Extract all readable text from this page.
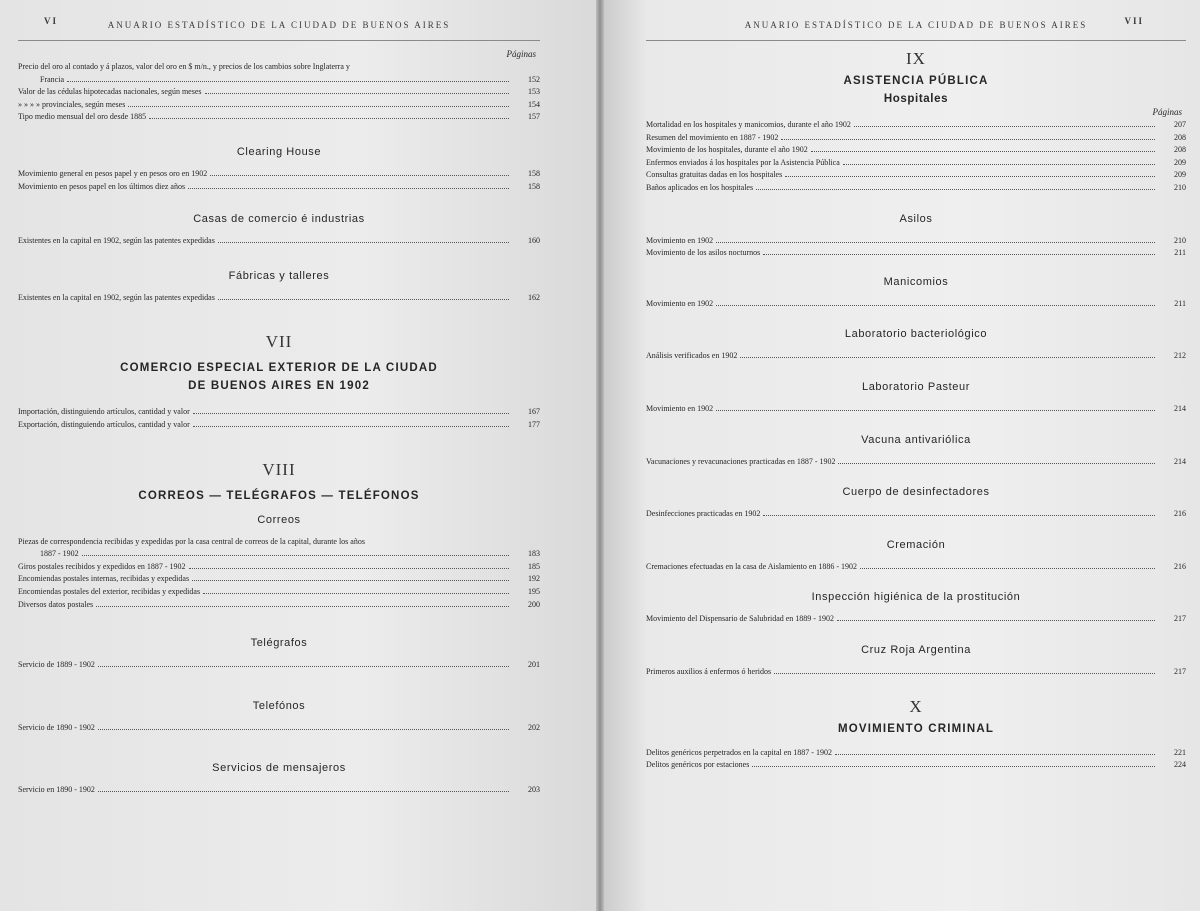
VI	ANUARIO ESTADÍSTICO DE LA CIUDAD DE BUENOS AIRES
Páginas
Precio del oro al contado y á plazos, valor del oro en $ m/n., y precios de los cambios sobre Inglaterra y
Francia	152
Valor de las cédulas hipotecadas nacionales, según meses	153
» » » » provinciales, según meses	154
Tipo medio mensual del oro desde 1885	157
Clearing House
Movimiento general en pesos papel y en pesos oro en 1902	158
Movimiento en pesos papel en los últimos diez años	158
Casas de comercio é industrias
Existentes en la capital en 1902, según las patentes expedidas	160
Fábricas y talleres
Existentes en la capital en 1902, según las patentes expedidas	162
VII
COMERCIO ESPECIAL EXTERIOR DE LA CIUDAD
DE BUENOS AIRES EN 1902
Importación, distinguiendo artículos, cantidad y valor	167
Exportación, distinguiendo artículos, cantidad y valor	177
VIII
CORREOS — TELÉGRAFOS — TELÉFONOS
Correos
Piezas de correspondencia recibidas y expedidas por la casa central de correos de la capital, durante los años
1887 - 1902	183
Giros postales recibidos y expedidos en 1887 - 1902	185
Encomiendas postales internas, recibidas y expedidas	192
Encomiendas postales del exterior, recibidas y expedidas	195
Diversos datos postales	200
Telégrafos
Servicio de 1889 - 1902	201
Telefónos
Servicio de 1890 - 1902	202
Servicios de mensajeros
Servicio en 1890 - 1902	203
ANUARIO ESTADÍSTICO DE LA CIUDAD DE BUENOS AIRES	VII
IX
ASISTENCIA PÚBLICA
Hospitales
Páginas
Mortalidad en los hospitales y manicomios, durante el año 1902	207
Resumen del movimiento en 1887 - 1902	208
Movimiento de los hospitales, durante el año 1902	208
Enfermos enviados á los hospitales por la Asistencia Pública	209
Consultas gratuitas dadas en los hospitales	209
Baños aplicados en los hospitales	210
Asilos
Movimiento en 1902	210
Movimiento de los asilos nocturnos	211
Manicomios
Movimiento en 1902	211
Laboratorio bacteriológico
Análisis verificados en 1902	212
Laboratorio Pasteur
Movimiento en 1902	214
Vacuna antivariólica
Vacunaciones y revacunaciones practicadas en 1887 - 1902	214
Cuerpo de desinfectadores
Desinfecciones practicadas en 1902	216
Cremación
Cremaciones efectuadas en la casa de Aislamiento en 1886 - 1902	216
Inspección higiénica de la prostitución
Movimiento del Dispensario de Salubridad en 1889 - 1902	217
Cruz Roja Argentina
Primeros auxilios á enfermos ó heridos	217
X
MOVIMIENTO CRIMINAL
Delitos genéricos perpetrados en la capital en 1887 - 1902	221
Delitos genéricos por estaciones	224
